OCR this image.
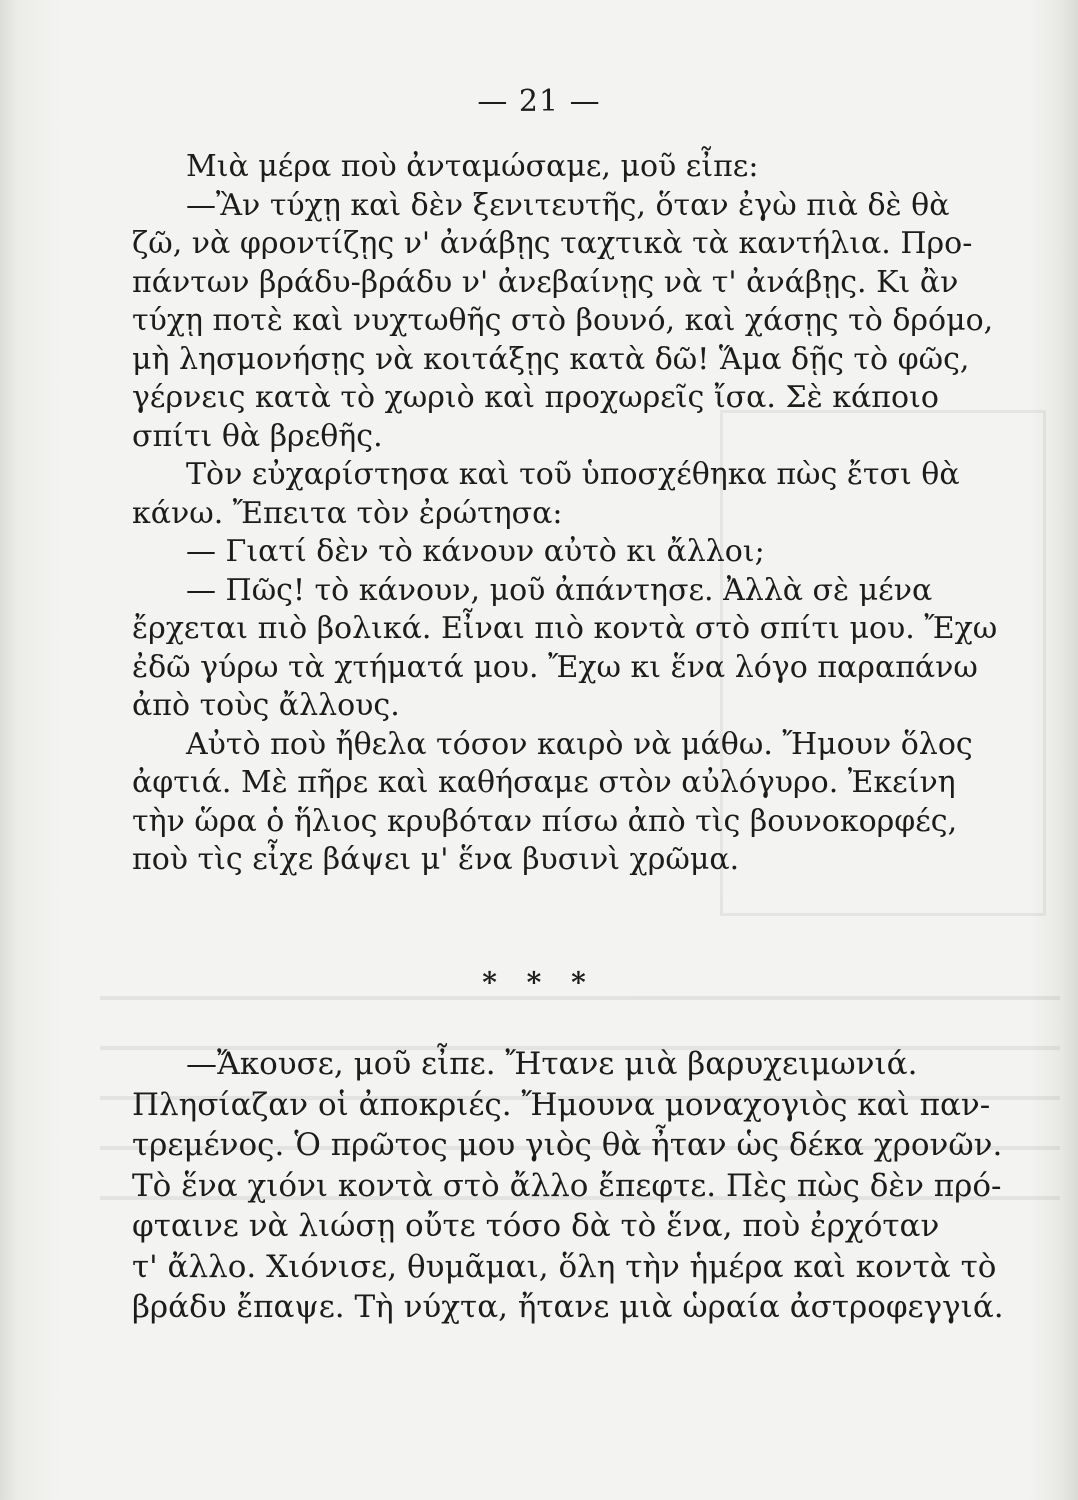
— 21 —
Μιὰ μέρα ποὺ ἀνταμώσαμε, μοῦ εἶπε:
—Ἂν τύχῃ καὶ δὲν ξενιτευτῆς, ὅταν ἐγὼ πιὰ δὲ θὰ
ζῶ, νὰ φροντίζῃς ν' ἀνάβῃς ταχτικὰ τὰ καντήλια. Προ-
πάντων βράδυ-βράδυ ν' ἀνεβαίνῃς νὰ τ' ἀνάβῃς. Κι ἂν
τύχῃ ποτὲ καὶ νυχτωθῆς στὸ βουνό, καὶ χάσῃς τὸ δρόμο,
μὴ λησμονήσῃς νὰ κοιτάξῃς κατὰ δῶ! Ἅμα δῇς τὸ φῶς,
γέρνεις κατὰ τὸ χωριὸ καὶ προχωρεῖς ἴσα. Σὲ κάποιο
σπίτι θὰ βρεθῆς.
Τὸν εὐχαρίστησα καὶ τοῦ ὑποσχέθηκα πὼς ἔτσι θὰ
κάνω. Ἔπειτα τὸν ἐρώτησα:
— Γιατί δὲν τὸ κάνουν αὐτὸ κι ἄλλοι;
— Πῶς! τὸ κάνουν, μοῦ ἀπάντησε. Ἀλλὰ σὲ μένα
ἔρχεται πιὸ βολικά. Εἶναι πιὸ κοντὰ στὸ σπίτι μου. Ἔχω
ἐδῶ γύρω τὰ χτήματά μου. Ἔχω κι ἕνα λόγο παραπάνω
ἀπὸ τοὺς ἄλλους.
Αὐτὸ ποὺ ἤθελα τόσον καιρὸ νὰ μάθω. Ἤμουν ὅλος
ἀφτιά. Μὲ πῆρε καὶ καθήσαμε στὸν αὐλόγυρο. Ἐκείνη
τὴν ὥρα ὁ ἥλιος κρυβόταν πίσω ἀπὸ τὶς βουνοκορφές,
ποὺ τὶς εἶχε βάψει μ' ἕνα βυσινὶ χρῶμα.
* * *
—Ἄκουσε, μοῦ εἶπε. Ἤτανε μιὰ βαρυχειμωνιά.
Πλησίαζαν οἱ ἀποκριές. Ἤμουνα μοναχογιὸς καὶ παν-
τρεμένος. Ὁ πρῶτος μου γιὸς θὰ ἦταν ὡς δέκα χρονῶν.
Τὸ ἕνα χιόνι κοντὰ στὸ ἄλλο ἔπεφτε. Πὲς πὼς δὲν πρό-
φταινε νὰ λιώσῃ οὔτε τόσο δὰ τὸ ἕνα, ποὺ ἐρχόταν
τ' ἄλλο. Χιόνισε, θυμᾶμαι, ὅλη τὴν ἡμέρα καὶ κοντὰ τὸ
βράδυ ἔπαψε. Τὴ νύχτα, ἤτανε μιὰ ὡραία ἀστροφεγγιά.
